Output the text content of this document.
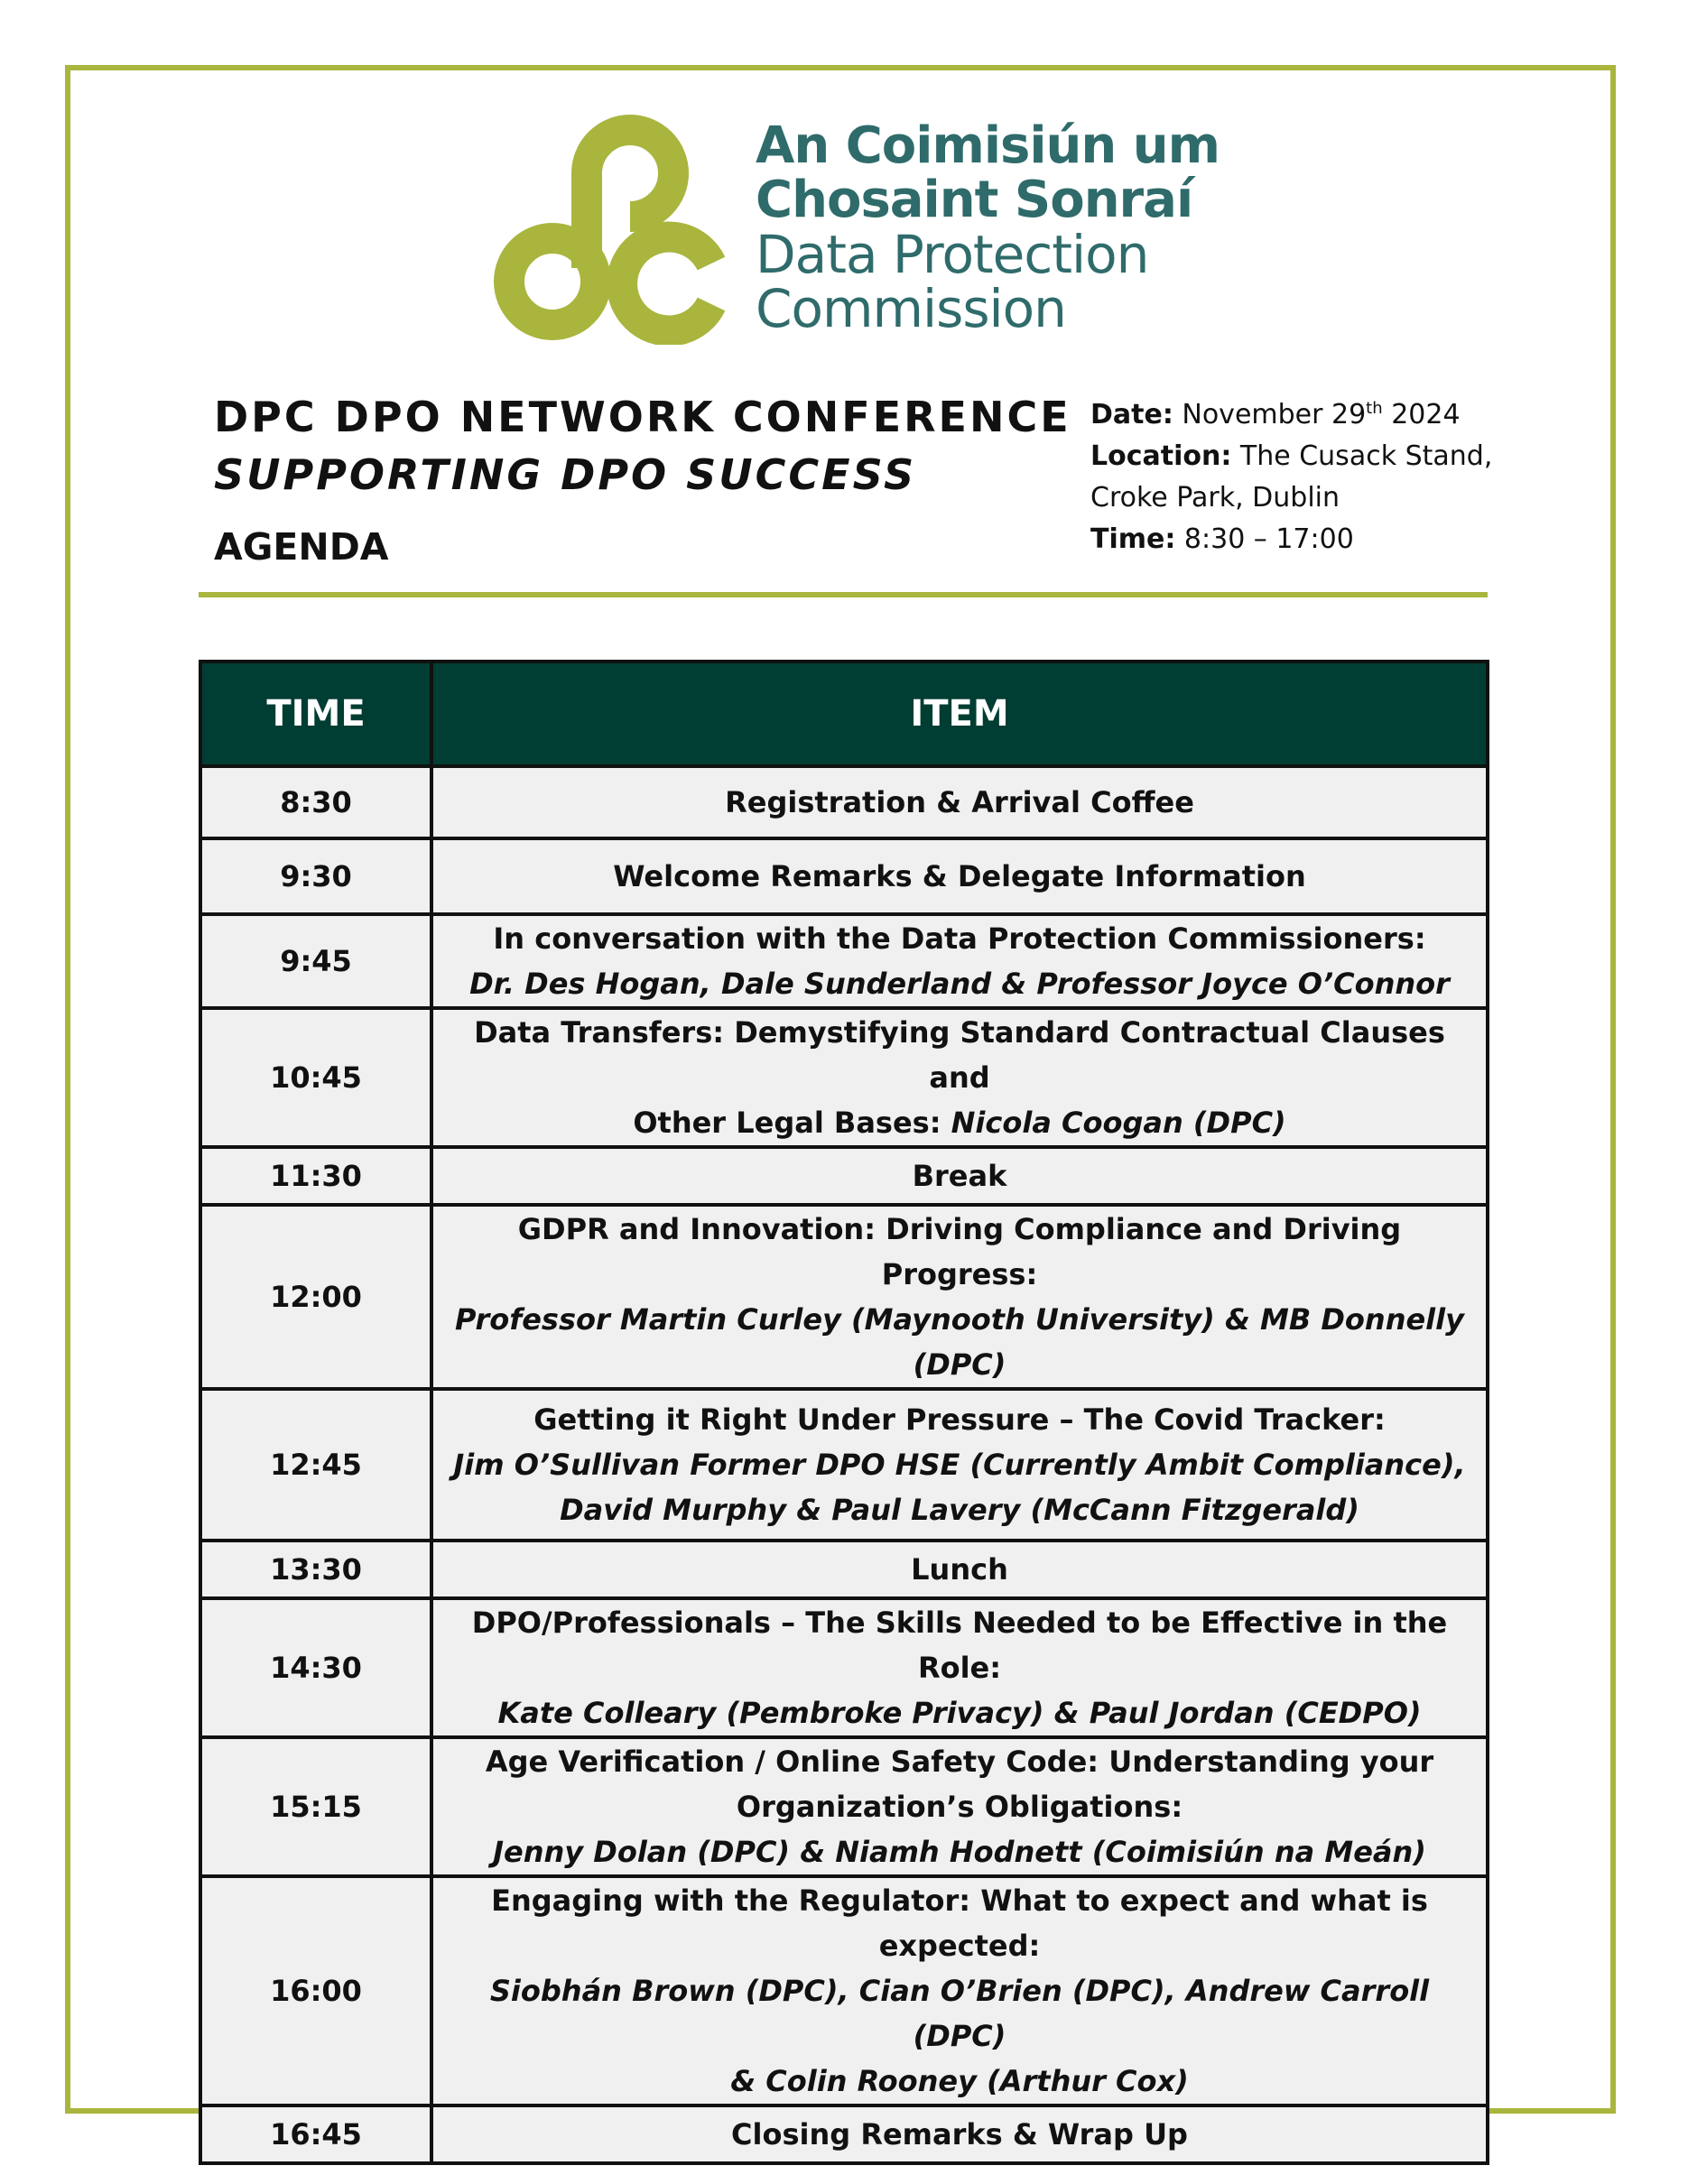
An Coimisiún um
Chosaint Sonraí
Data Protection
Commission
DPC DPO NETWORK CONFERENCE
SUPPORTING DPO SUCCESS
AGENDA
Date: November 29th 2024
Location: The Cusack Stand,
Croke Park, Dublin
Time: 8:30 – 17:00
TIME	ITEM
8:30	Registration & Arrival Coffee

9:30	Welcome Remarks & Delegate Information

9:45	In conversation with the Data Protection Commissioners:
Dr. Des Hogan, Dale Sunderland & Professor Joyce O’Connor

10:45	Data Transfers: Demystifying Standard Contractual Clauses and
Other Legal Bases: Nicola Coogan (DPC)

11:30	Break

12:00	GDPR and Innovation: Driving Compliance and Driving Progress:
Professor Martin Curley (Maynooth University) & MB Donnelly (DPC)

12:45	Getting it Right Under Pressure – The Covid Tracker:
Jim O’Sullivan Former DPO HSE (Currently Ambit Compliance),
David Murphy & Paul Lavery (McCann Fitzgerald)

13:30	Lunch

14:30	DPO/Professionals – The Skills Needed to be Effective in the Role:
Kate Colleary (Pembroke Privacy) & Paul Jordan (CEDPO)

15:15	Age Verification / Online Safety Code: Understanding your
Organization’s Obligations:
Jenny Dolan (DPC) & Niamh Hodnett (Coimisiún na Meán)

16:00	Engaging with the Regulator: What to expect and what is expected:
Siobhán Brown (DPC), Cian O’Brien (DPC), Andrew Carroll (DPC)
& Colin Rooney (Arthur Cox)

16:45	Closing Remarks & Wrap Up
